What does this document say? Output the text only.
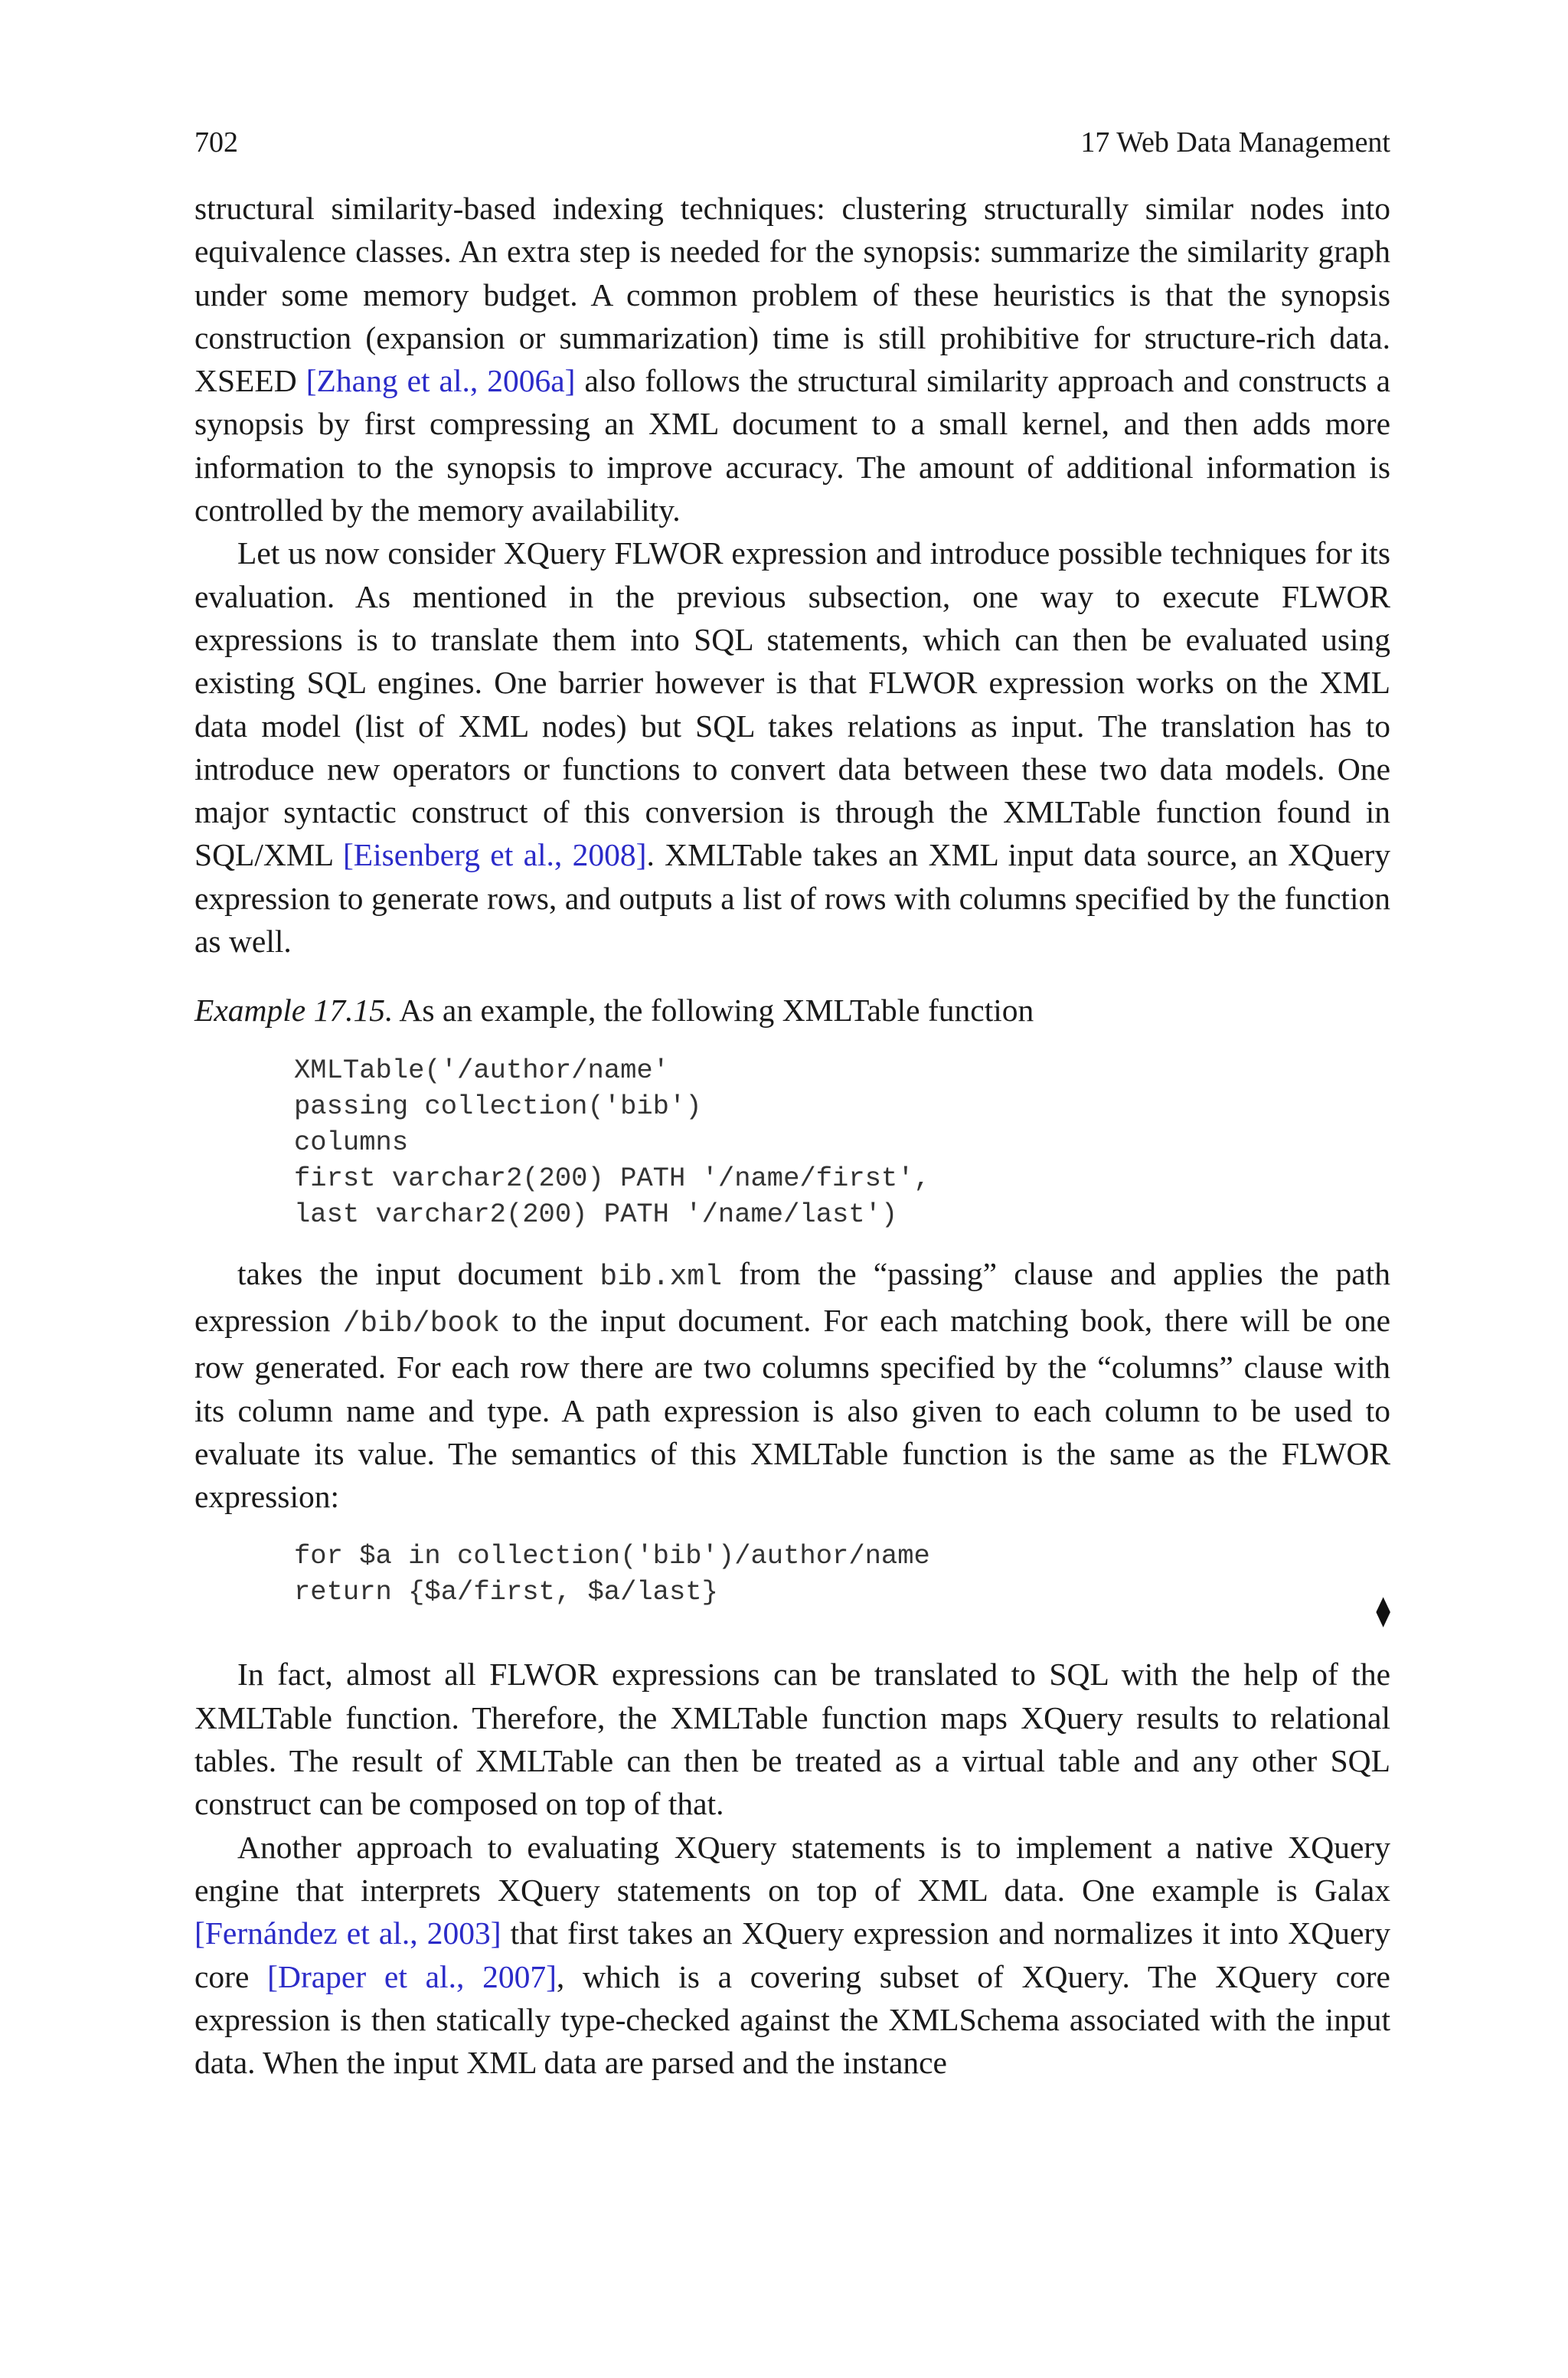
702	17 Web Data Management

structural similarity-based indexing techniques: clustering structurally similar nodes into equivalence classes. An extra step is needed for the synopsis: summarize the similarity graph under some memory budget. A common problem of these heuristics is that the synopsis construction (expansion or summarization) time is still prohibitive for structure-rich data. XSEED [Zhang et al., 2006a] also follows the structural similarity approach and constructs a synopsis by first compressing an XML document to a small kernel, and then adds more information to the synopsis to improve accuracy. The amount of additional information is controlled by the memory availability.

Let us now consider XQuery FLWOR expression and introduce possible techniques for its evaluation. As mentioned in the previous subsection, one way to execute FLWOR expressions is to translate them into SQL statements, which can then be evaluated using existing SQL engines. One barrier however is that FLWOR expression works on the XML data model (list of XML nodes) but SQL takes relations as input. The translation has to introduce new operators or functions to convert data between these two data models. One major syntactic construct of this conversion is through the XMLTable function found in SQL/XML [Eisenberg et al., 2008]. XMLTable takes an XML input data source, an XQuery expression to generate rows, and outputs a list of rows with columns specified by the function as well.

Example 17.15. As an example, the following XMLTable function

XMLTable('/author/name'
passing collection('bib')
columns
first varchar2(200) PATH '/name/first',
last varchar2(200) PATH '/name/last')

takes the input document bib.xml from the “passing” clause and applies the path expression /bib/book to the input document. For each matching book, there will be one row generated. For each row there are two columns specified by the “columns” clause with its column name and type. A path expression is also given to each column to be used to evaluate its value. The semantics of this XMLTable function is the same as the FLWOR expression:

for $a in collection('bib')/author/name
return {$a/first, $a/last}
⧫

In fact, almost all FLWOR expressions can be translated to SQL with the help of the XMLTable function. Therefore, the XMLTable function maps XQuery results to relational tables. The result of XMLTable can then be treated as a virtual table and any other SQL construct can be composed on top of that.

Another approach to evaluating XQuery statements is to implement a native XQuery engine that interprets XQuery statements on top of XML data. One example is Galax [Fernández et al., 2003] that first takes an XQuery expression and normalizes it into XQuery core [Draper et al., 2007], which is a covering subset of XQuery. The XQuery core expression is then statically type-checked against the XMLSchema associated with the input data. When the input XML data are parsed and the instance
